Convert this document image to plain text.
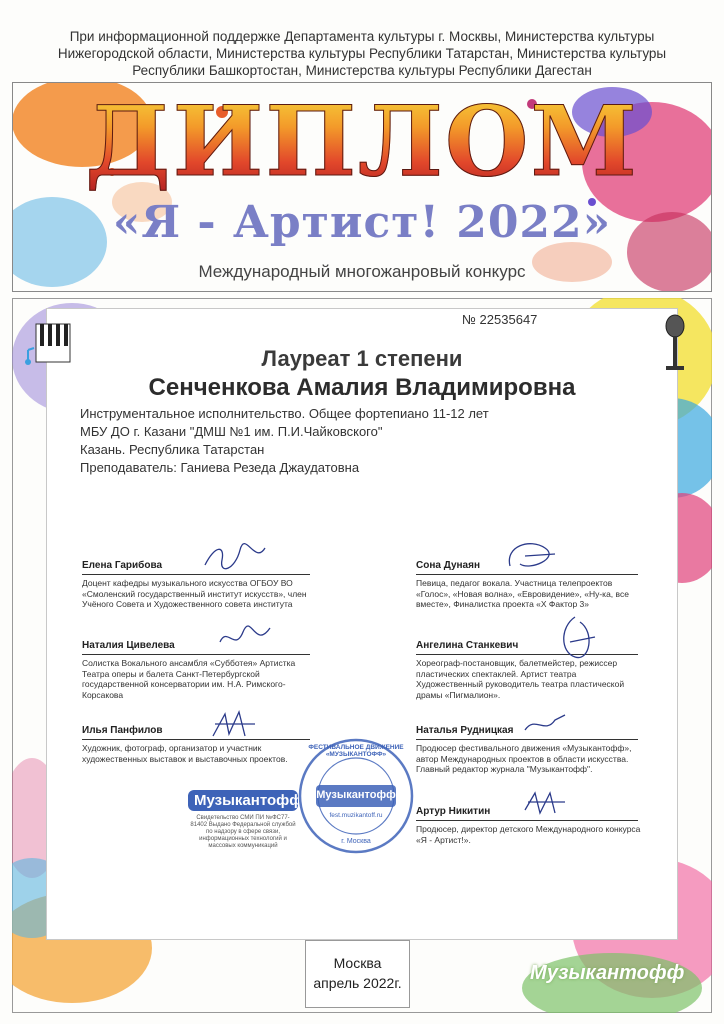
При информационной поддержке Департамента культуры г. Москвы, Министерства культуры Нижегородской области, Министерства культуры Республики Татарстан, Министерства культуры Республики Башкортостан, Министерства культуры Республики Дагестан
ДИПЛОМ
«Я - Артист! 2022»
Международный многожанровый конкурс
№ 22535647
Лауреат 1 степени
Сенченкова Амалия Владимировна
Инструментальное исполнительство. Общее фортепиано 11-12 лет
МБУ ДО г. Казани "ДМШ №1 им. П.И.Чайковского"
Казань. Республика Татарстан
Преподаватель: Ганиева Резеда Джаудатовна
Елена Гарибова
Доцент кафедры музыкального искусства ОГБОУ ВО «Смоленский государственный институт искусств», член Учёного Совета и Художественного совета института
Наталия Цивелева
Солистка Вокального ансамбля «Субботея» Артистка Театра оперы и балета Санкт-Петербургской государственной консерватории им. Н.А. Римского-Корсакова
Илья Панфилов
Художник, фотограф, организатор и участник художественных выставок и выставочных проектов.
Сона Дунаян
Певица, педагог вокала. Участница телепроектов «Голос», «Новая волна», «Евровидение», «Ну-ка, все вместе», Финалистка проекта «Х Фактор 3»
Ангелина Станкевич
Хореограф-постановщик, балетмейстер, режиссер пластических спектаклей. Артист театра Художественный руководитель театра пластической драмы «Пигмалион».
Наталья Рудницкая
Продюсер фестивального движения «Музыкантофф», автор Международных проектов в области искусства. Главный редактор журнала "Музыкантофф".
Артур Никитин
Продюсер, директор детского Международного конкурса «Я - Артист!».
Музыкантофф
Свидетельство СМИ ПИ №ФС77-81402 Выдано Федеральной службой по надзору в сфере связи, информационных технологий и массовых коммуникаций
ФЕСТИВАЛЬНОЕ ДВИЖЕНИЕ «МУЗЫКАНТОФФ»
Музыкантофф
fest.muzikantoff.ru
г. Москва
Москва
апрель 2022г.	Музыкантофф
